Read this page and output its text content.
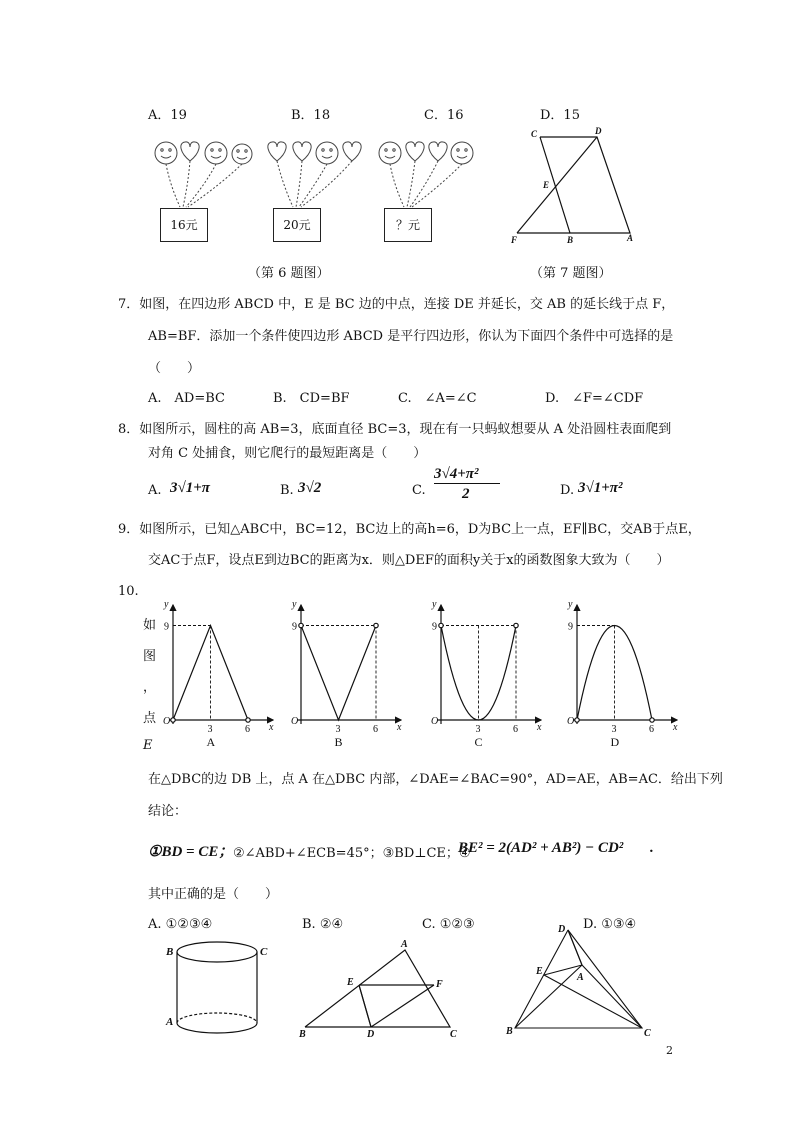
A．19	B．18	C．16	D．15
16元	20元	？元
（第 6 题图）
C	D
E
F	B	A
（第 7 题图）
7．如图，在四边形 ABCD 中，E 是 BC 边的中点，连接 DE 并延长，交 AB 的延长线于点 F，
AB=BF．添加一个条件使四边形 ABCD 是平行四边形，你认为下面四个条件中可选择的是
（　　）
A.　AD=BC	B.　CD=BF	C.　∠A=∠C	D.　∠F=∠CDF
8．如图所示，圆柱的高 AB=3，底面直径 BC=3，现在有一只蚂蚁想要从 A 处沿圆柱表面爬到
对角 C 处捕食，则它爬行的最短距离是（　　）
A. 3√1+π	B. 3√2	C.
3√4+π²
2	D. 3√1+π²
9．如图所示，已知△ABC中，BC=12，BC边上的高h=6，D为BC上一点，EF∥BC，交AB于点E，
交AC于点F，设点E到边BC的距离为x．则△DEF的面积y关于x的函数图象大致为（　　）
10.
如
图
，
点
E
O
9
3	6
y
x
A
O
9
3	6
y
x
B
O
9
3	6
y
x
C
O
9
3	6
y
x
D
在△DBC的边 DB 上，点 A 在△DBC 内部，∠DAE=∠BAC=90°，AD=AE，AB=AC．给出下列
结论：
①BD = CE； ②∠ABD+∠ECB=45°；③BD⊥CE；④
BE² = 2(AD² + AB²) − CD² .
其中正确的是（　　）
A. ①②③④	B. ②④	C. ①②③	D. ①③④
B	C
A
A
E	F
B	D	C
D
E
A
B	C
2
